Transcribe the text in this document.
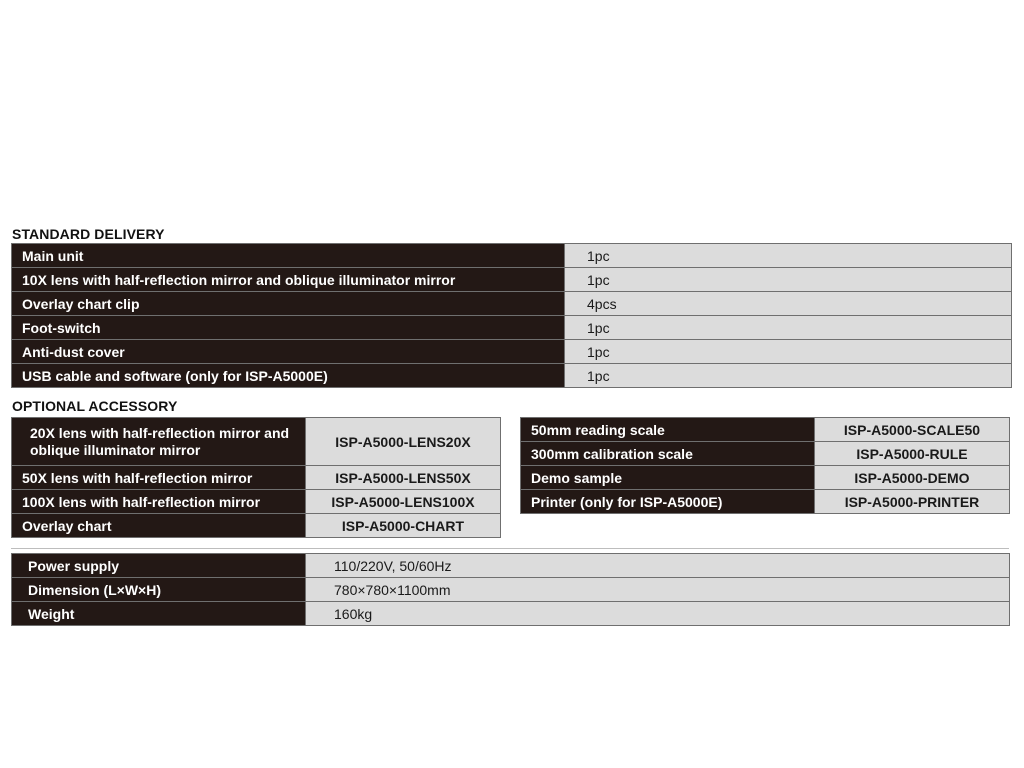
STANDARD DELIVERY
Main unit	1pc
10X lens with half-reflection mirror and oblique illuminator mirror	1pc
Overlay chart clip	4pcs
Foot-switch	1pc
Anti-dust cover	1pc
USB cable and software (only for ISP-A5000E)	1pc
OPTIONAL ACCESSORY
20X lens with half-reflection mirror and oblique illuminator mirror	ISP-A5000-LENS20X
50X lens with half-reflection mirror	ISP-A5000-LENS50X
100X lens with half-reflection mirror	ISP-A5000-LENS100X
Overlay chart	ISP-A5000-CHART
50mm reading scale	ISP-A5000-SCALE50
300mm calibration scale	ISP-A5000-RULE
Demo sample	ISP-A5000-DEMO
Printer (only for ISP-A5000E)	ISP-A5000-PRINTER
Power supply	110/220V, 50/60Hz
Dimension (L×W×H)	780×780×1100mm
Weight	160kg
